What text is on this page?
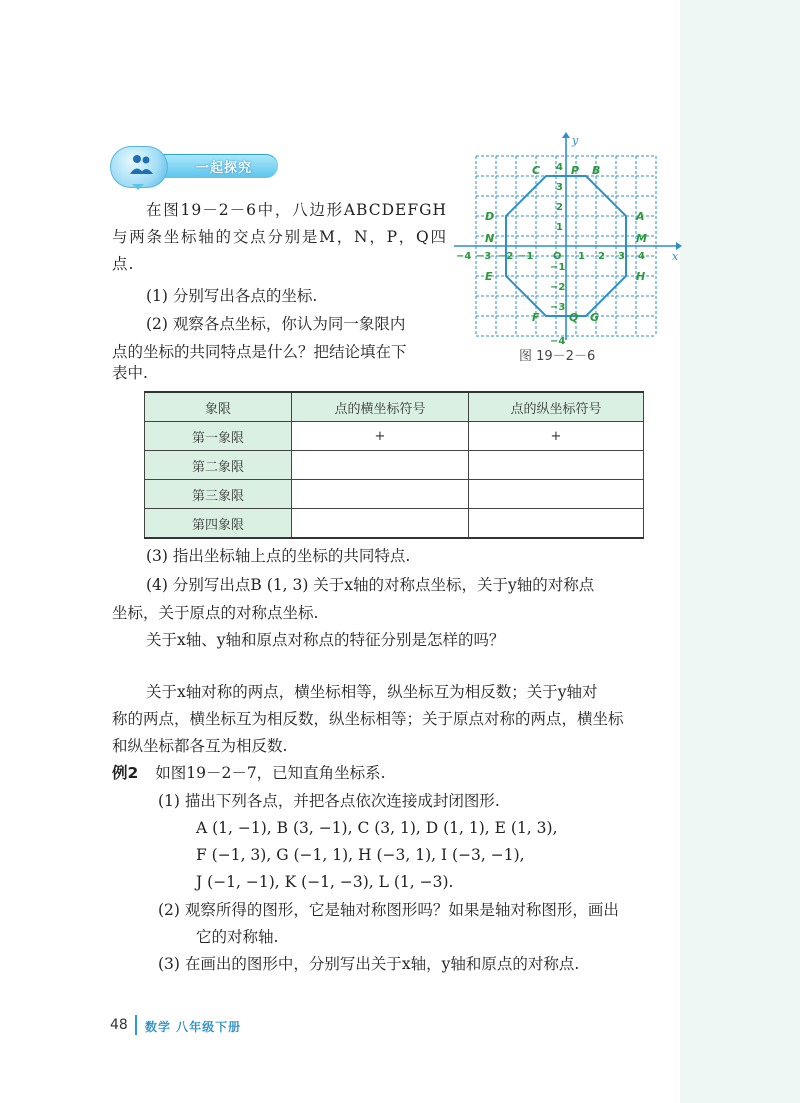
一起探究
在图19－2－6中，八边形ABCDEFGH与两条坐标轴的交点分别是M，N，P，Q四点.
(1) 分别写出各点的坐标.
(2) 观察各点坐标，你认为同一象限内
点的坐标的共同特点是什么？把结论填在下
表中.
C	P B
D	A
N	M
E	H
F	Q G
−4 −3 −2 −1 O 1 2 3 4
4
3
2
1
−1
−2
−3
−4
x
y
图 19－2－6
象限	点的横坐标符号	点的纵坐标符号
第一象限	+	+
第二象限		
第三象限		
第四象限		
(3) 指出坐标轴上点的坐标的共同特点.
(4) 分别写出点B (1, 3) 关于x轴的对称点坐标，关于y轴的对称点
坐标，关于原点的对称点坐标.
关于x轴、y轴和原点对称点的特征分别是怎样的吗？
关于x轴对称的两点，横坐标相等，纵坐标互为相反数；关于y轴对
称的两点，横坐标互为相反数，纵坐标相等；关于原点对称的两点，横坐标
和纵坐标都各互为相反数.
例2 如图19－2－7，已知直角坐标系.
(1) 描出下列各点，并把各点依次连接成封闭图形.
A (1, −1), B (3, −1), C (3, 1), D (1, 1), E (1, 3),
F (−1, 3), G (−1, 1), H (−3, 1), I (−3, −1),
J (−1, −1), K (−1, −3), L (1, −3).
(2) 观察所得的图形，它是轴对称图形吗？如果是轴对称图形，画出
它的对称轴.
(3) 在画出的图形中，分别写出关于x轴，y轴和原点的对称点.
48 数学 八年级下册
